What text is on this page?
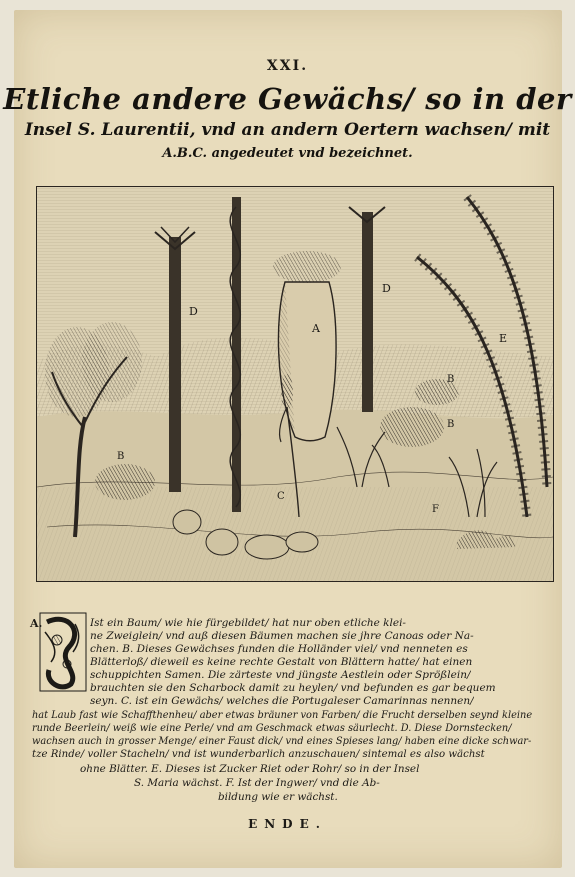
XXI.
Etliche andere Gewächs/ so in der
Insel S. Laurentii, vnd an andern Oertern wachsen/ mit
A.B.C. angedeutet vnd bezeichnet.
D
A
D
E
B
B
B
C
F
A.	Ist ein Baum/ wie hie fürgebildet/ hat nur oben etliche klei-
ne Zweiglein/ vnd auß diesen Bäumen machen sie jhre Canoas oder Na-
chen. B. Dieses Gewächses funden die Holländer viel/ vnd nenneten es
Blätterloß/ dieweil es keine rechte Gestalt von Blättern hatte/ hat einen
schuppichten Samen. Die zärteste vnd jüngste Aestlein oder Sprößlein/
brauchten sie den Scharbock damit zu heylen/ vnd befunden es gar bequem
seyn. C. ist ein Gewächs/ welches die Portugaleser Camarinnas nennen/
hat Laub fast wie Schaffthenheu/ aber etwas bräuner von Farben/ die Frucht derselben seynd kleine
runde Beerlein/ weiß wie eine Perle/ vnd am Geschmack etwas säurlecht. D. Diese Dornstecken/
wachsen auch in grosser Menge/ einer Faust dick/ vnd eines Spieses lang/ haben eine dicke schwar-
tze Rinde/ voller Stacheln/ vnd ist wunderbarlich anzuschauen/ sintemal es also wächst
ohne Blätter. E. Dieses ist Zucker Riet oder Rohr/ so in der Insel
S. Maria wächst. F. Ist der Ingwer/ vnd die Ab-
bildung wie er wächst.
ENDE.
